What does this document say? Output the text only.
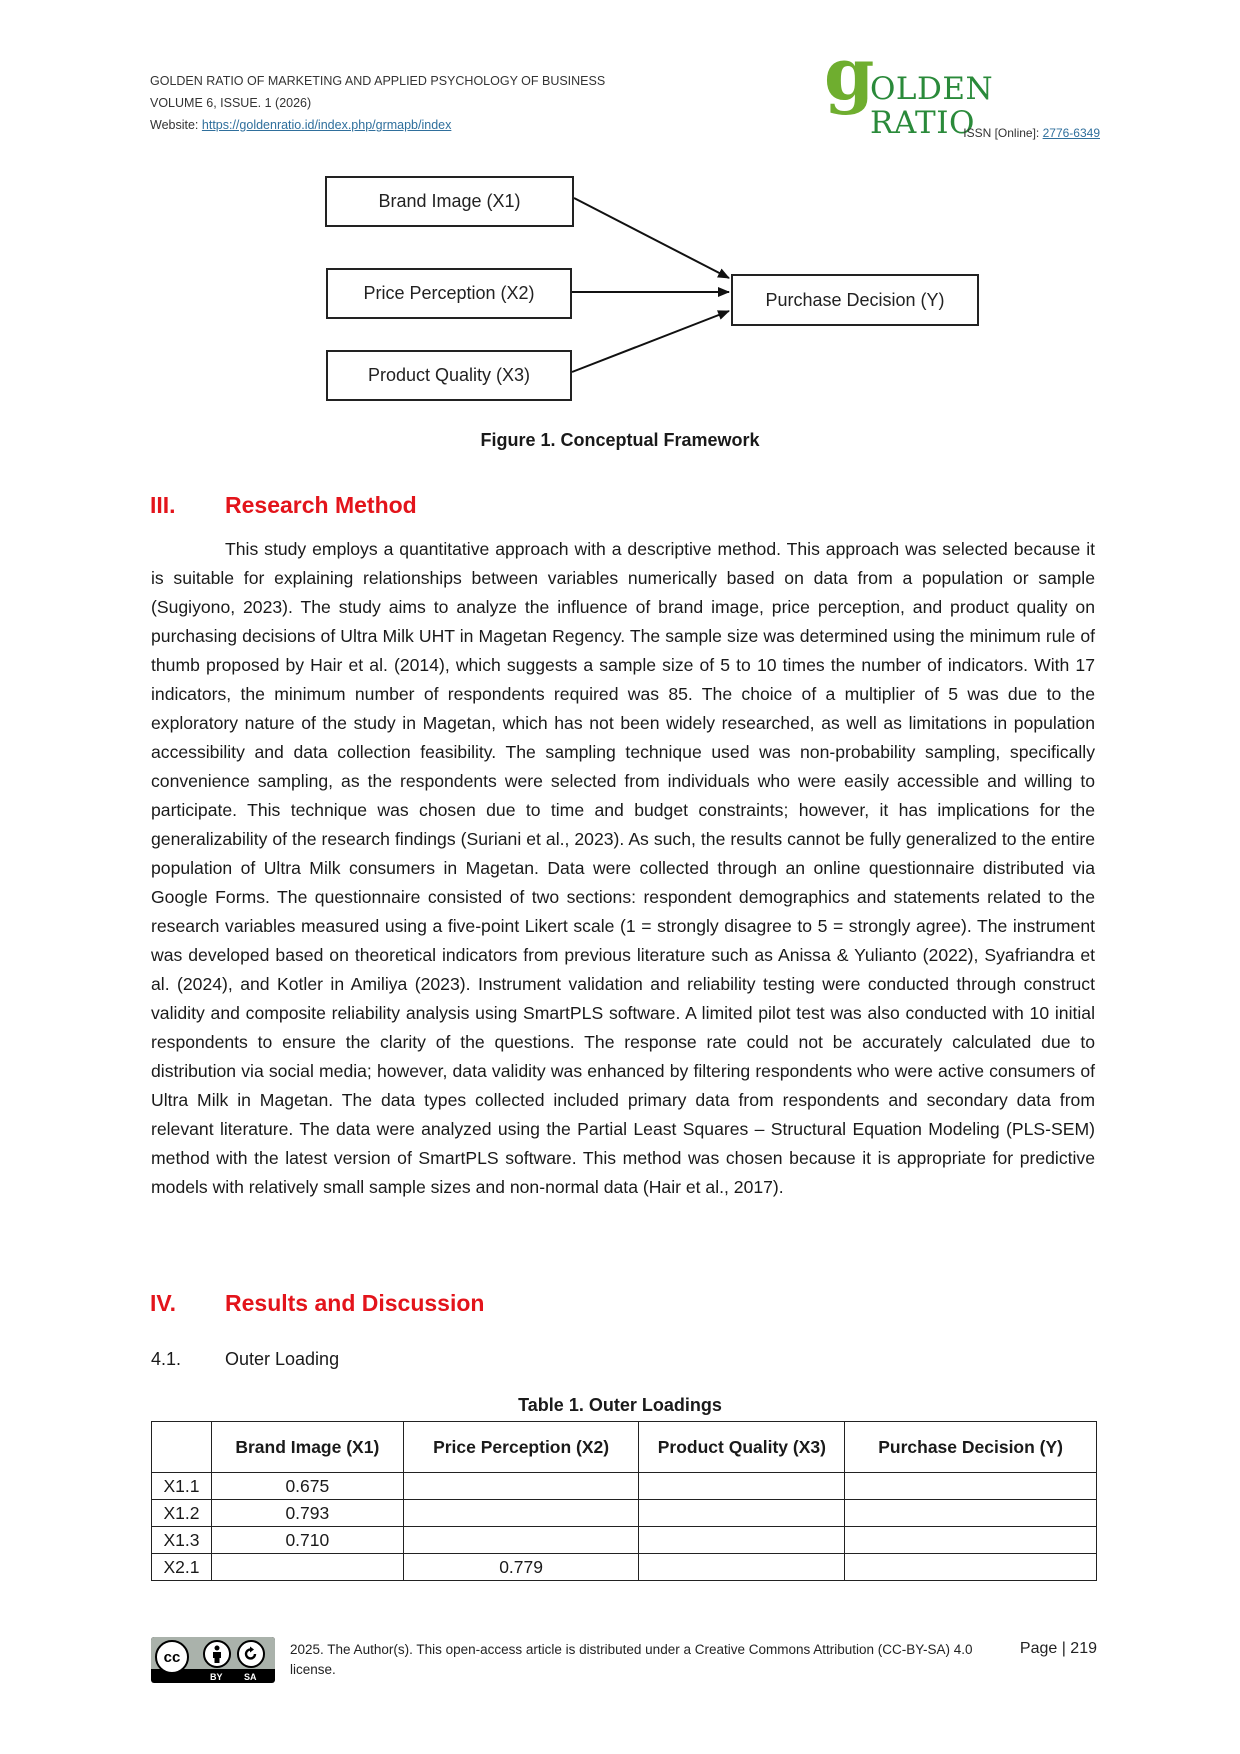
GOLDEN RATIO OF MARKETING AND APPLIED PSYCHOLOGY OF BUSINESS
VOLUME 6, ISSUE. 1 (2026)
Website: https://goldenratio.id/index.php/grmapb/index
g
OLDEN RATIO
ISSN [Online]: 2776-6349
Brand Image (X1)
Price Perception (X2)
Product Quality (X3)
Purchase Decision (Y)
Figure 1. Conceptual Framework
III. Research Method
This study employs a quantitative approach with a descriptive method. This approach was selected because it is suitable for explaining relationships between variables numerically based on data from a population or sample (Sugiyono, 2023). The study aims to analyze the influence of brand image, price perception, and product quality on purchasing decisions of Ultra Milk UHT in Magetan Regency. The sample size was determined using the minimum rule of thumb proposed by Hair et al. (2014), which suggests a sample size of 5 to 10 times the number of indicators. With 17 indicators, the minimum number of respondents required was 85. The choice of a multiplier of 5 was due to the exploratory nature of the study in Magetan, which has not been widely researched, as well as limitations in population accessibility and data collection feasibility. The sampling technique used was non-probability sampling, specifically convenience sampling, as the respondents were selected from individuals who were easily accessible and willing to participate. This technique was chosen due to time and budget constraints; however, it has implications for the generalizability of the research findings (Suriani et al., 2023). As such, the results cannot be fully generalized to the entire population of Ultra Milk consumers in Magetan. Data were collected through an online questionnaire distributed via Google Forms. The questionnaire consisted of two sections: respondent demographics and statements related to the research variables measured using a five-point Likert scale (1 = strongly disagree to 5 = strongly agree). The instrument was developed based on theoretical indicators from previous literature such as Anissa & Yulianto (2022), Syafriandra et al. (2024), and Kotler in Amiliya (2023). Instrument validation and reliability testing were conducted through construct validity and composite reliability analysis using SmartPLS software. A limited pilot test was also conducted with 10 initial respondents to ensure the clarity of the questions. The response rate could not be accurately calculated due to distribution via social media; however, data validity was enhanced by filtering respondents who were active consumers of Ultra Milk in Magetan. The data types collected included primary data from respondents and secondary data from relevant literature. The data were analyzed using the Partial Least Squares – Structural Equation Modeling (PLS-SEM) method with the latest version of SmartPLS software. This method was chosen because it is appropriate for predictive models with relatively small sample sizes and non-normal data (Hair et al., 2017).
IV. Results and Discussion
4.1. Outer Loading
Table 1. Outer Loadings
	Brand Image (X1)	Price Perception (X2)	Product Quality (X3)	Purchase Decision (Y)
X1.1	0.675			
X1.2	0.793			
X1.3	0.710			
X2.1		0.779		
cc
BY SA
2025. The Author(s). This open-access article is distributed under a Creative Commons Attribution (CC-BY-SA) 4.0 license.
Page | 219
